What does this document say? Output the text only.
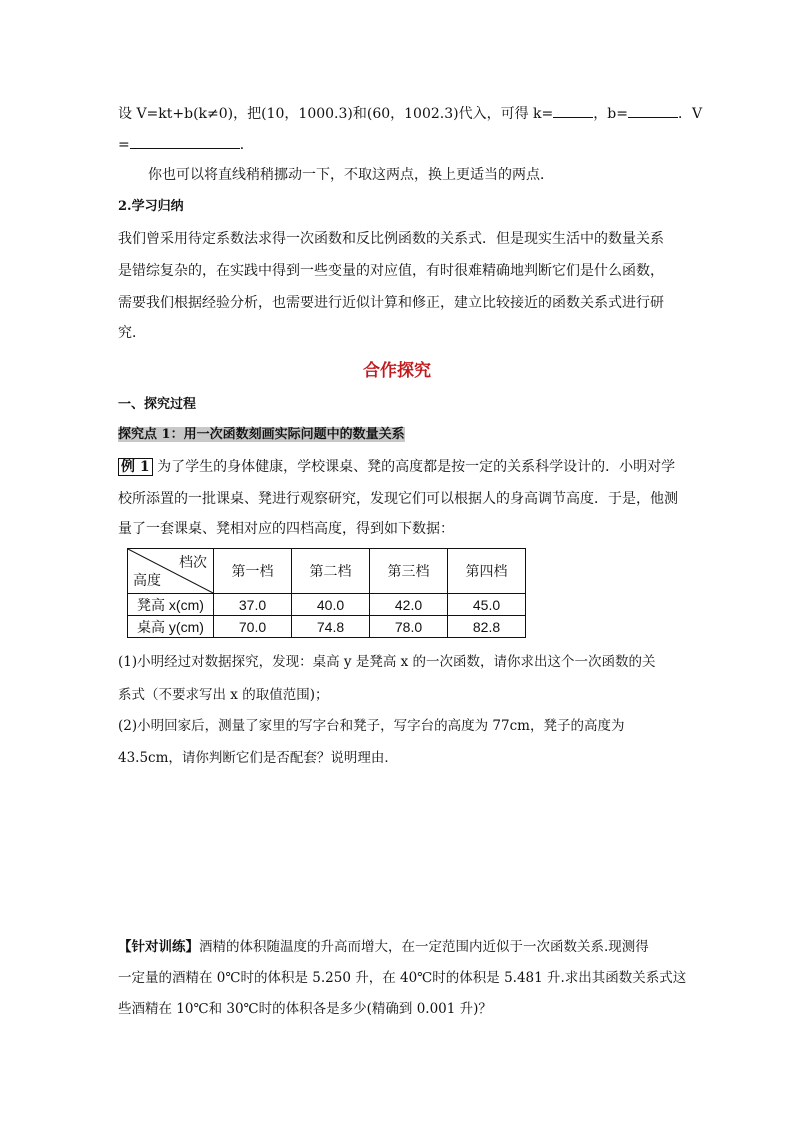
设 V=kt+b(k≠0)，把(10，1000.3)和(60，1002.3)代入，可得 k=	，b=	．V
=	．
你也可以将直线稍稍挪动一下，不取这两点，换上更适当的两点．
2.学习归纳
我们曾采用待定系数法求得一次函数和反比例函数的关系式．但是现实生活中的数量关系
是错综复杂的，在实践中得到一些变量的对应值，有时很难精确地判断它们是什么函数，
需要我们根据经验分析，也需要进行近似计算和修正，建立比较接近的函数关系式进行研
究．
合作探究
一、探究过程
探究点 1：用一次函数刻画实际问题中的数量关系
例 1 为了学生的身体健康，学校课桌、凳的高度都是按一定的关系科学设计的．小明对学
校所添置的一批课桌、凳进行观察研究，发现它们可以根据人的身高调节高度．于是，他测
量了一套课桌、凳相对应的四档高度，得到如下数据：
档次
高度	第一档	第二档	第三档	第四档
凳高 x(cm)	37.0	40.0	42.0	45.0
桌高 y(cm)	70.0	74.8	78.0	82.8
(1)小明经过对数据探究，发现：桌高 y 是凳高 x 的一次函数，请你求出这个一次函数的关
系式（不要求写出 x 的取值范围)；
(2)小明回家后，测量了家里的写字台和凳子，写字台的高度为 77cm，凳子的高度为
43.5cm，请你判断它们是否配套？说明理由．
【针对训练】酒精的体积随温度的升高而增大，在一定范围内近似于一次函数关系.现测得
一定量的酒精在 0℃时的体积是 5.250 升，在 40℃时的体积是 5.481 升.求出其函数关系式这
些酒精在 10℃和 30℃时的体积各是多少(精确到 0.001 升)？
